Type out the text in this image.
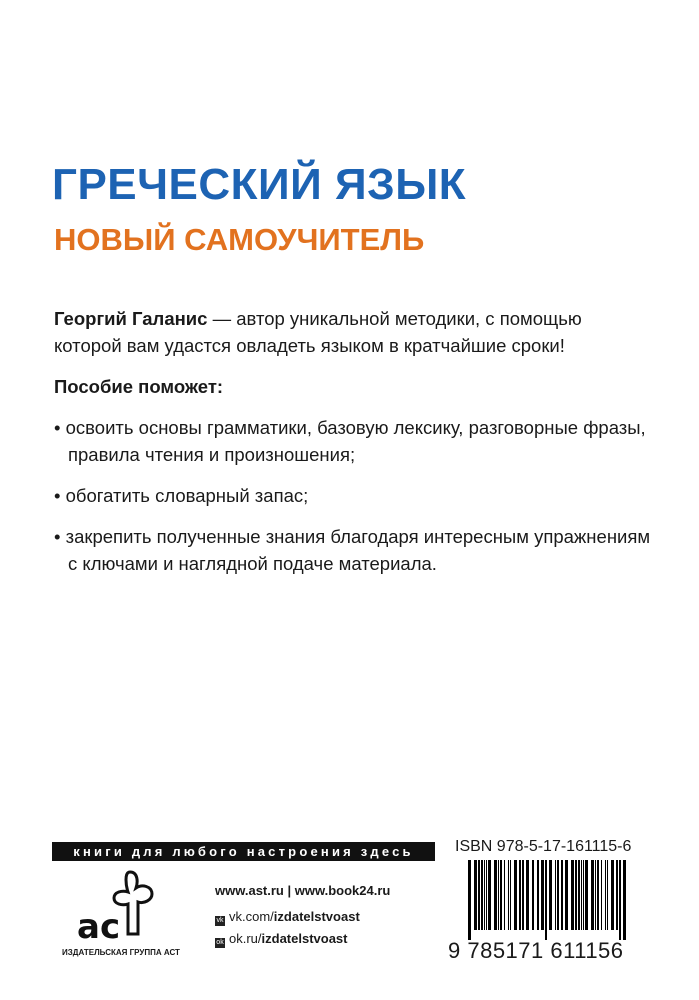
ГРЕЧЕСКИЙ ЯЗЫК
НОВЫЙ САМОУЧИТЕЛЬ

Георгий Галанис — автор уникальной методики, с помощью которой вам удастся овладеть языком в кратчайшие сроки!

Пособие поможет:

• освоить основы грамматики, базовую лексику, разговорные фразы, правила чтения и произношения;

• обогатить словарный запас;

• закрепить полученные знания благодаря интересным упражнениям с ключами и наглядной подаче материала.

книги для любого настроения здесь
ac
ИЗДАТЕЛЬСКАЯ ГРУППА АСТ
www.ast.ru | www.book24.ru
vk vk.com/izdatelstvoast
ok ok.ru/izdatelstvoast
ISBN 978-5-17-161115-6
9 785171 611156
